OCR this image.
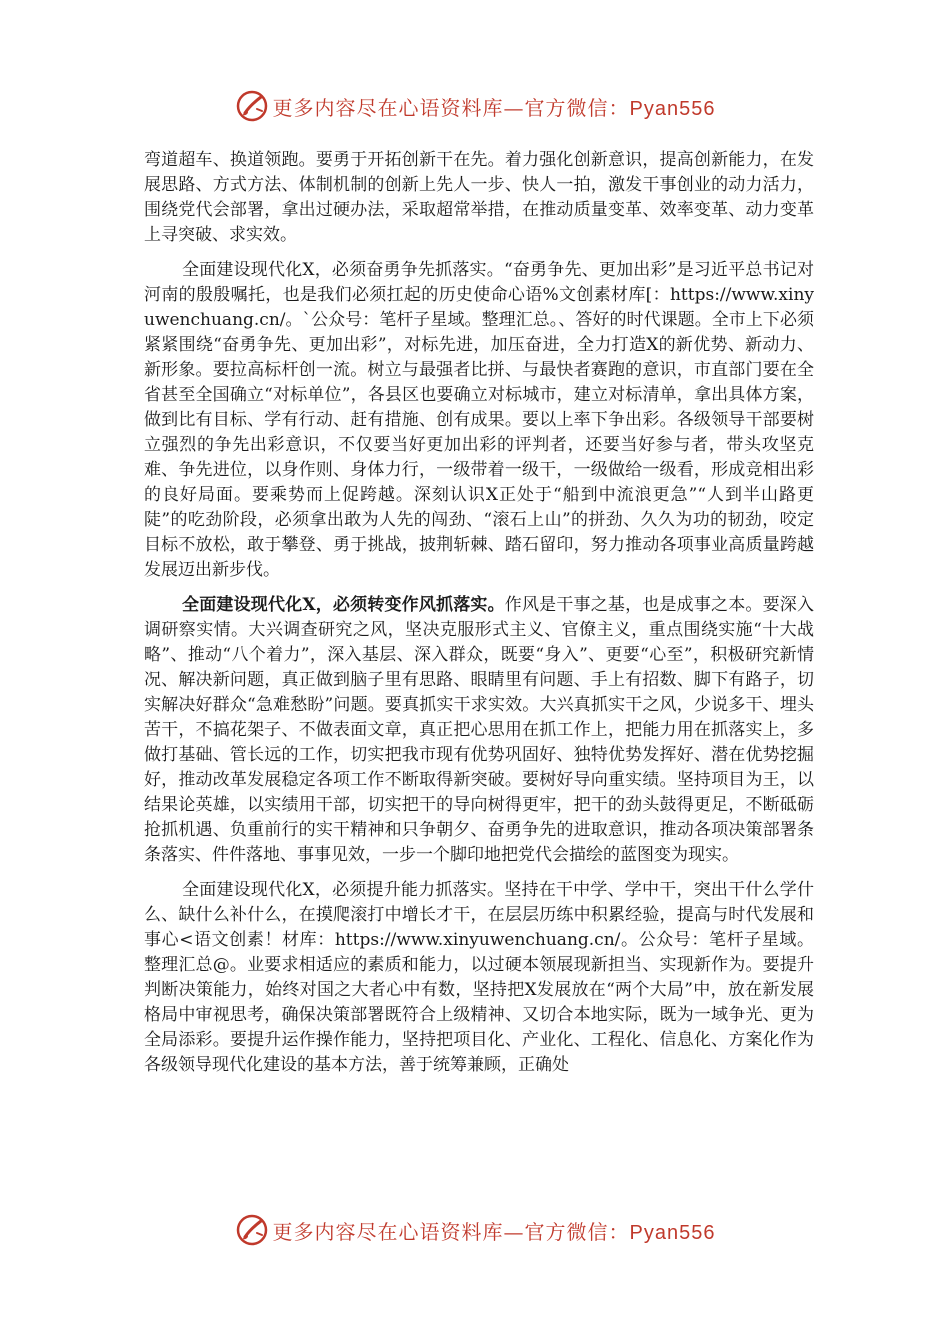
更多内容尽在心语资料库—官方微信：Pyan556

弯道超车、换道领跑。要勇于开拓创新干在先。着力强化创新意识，提高创新能力，在发展思路、方式方法、体制机制的创新上先人一步、快人一拍，激发干事创业的动力活力，围绕党代会部署，拿出过硬办法，采取超常举措，在推动质量变革、效率变革、动力变革上寻突破、求实效。

全面建设现代化X，必须奋勇争先抓落实。“奋勇争先、更加出彩”是习近平总书记对河南的殷殷嘱托，也是我们必须扛起的历史使命心语%文创素材库[：https://www.xinyuwenchuang.cn/。`公众号：笔杆子星域。整理汇总。、答好的时代课题。全市上下必须紧紧围绕“奋勇争先、更加出彩”，对标先进，加压奋进，全力打造X的新优势、新动力、新形象。要拉高标杆创一流。树立与最强者比拼、与最快者赛跑的意识，市直部门要在全省甚至全国确立“对标单位”，各县区也要确立对标城市，建立对标清单，拿出具体方案，做到比有目标、学有行动、赶有措施、创有成果。要以上率下争出彩。各级领导干部要树立强烈的争先出彩意识，不仅要当好更加出彩的评判者，还要当好参与者，带头攻坚克难、争先进位，以身作则、身体力行，一级带着一级干，一级做给一级看，形成竞相出彩的良好局面。要乘势而上促跨越。深刻认识X正处于“船到中流浪更急”“人到半山路更陡”的吃劲阶段，必须拿出敢为人先的闯劲、“滚石上山”的拼劲、久久为功的韧劲，咬定目标不放松，敢于攀登、勇于挑战，披荆斩棘、踏石留印，努力推动各项事业高质量跨越发展迈出新步伐。

全面建设现代化X，必须转变作风抓落实。作风是干事之基，也是成事之本。要深入调研察实情。大兴调查研究之风，坚决克服形式主义、官僚主义，重点围绕实施“十大战略”、推动“八个着力”，深入基层、深入群众，既要“身入”、更要“心至”，积极研究新情况、解决新问题，真正做到脑子里有思路、眼睛里有问题、手上有招数、脚下有路子，切实解决好群众“急难愁盼”问题。要真抓实干求实效。大兴真抓实干之风，少说多干、埋头苦干，不搞花架子、不做表面文章，真正把心思用在抓工作上，把能力用在抓落实上，多做打基础、管长远的工作，切实把我市现有优势巩固好、独特优势发挥好、潜在优势挖掘好，推动改革发展稳定各项工作不断取得新突破。要树好导向重实绩。坚持项目为王，以结果论英雄，以实绩用干部，切实把干的导向树得更牢，把干的劲头鼓得更足，不断砥砺抢抓机遇、负重前行的实干精神和只争朝夕、奋勇争先的进取意识，推动各项决策部署条条落实、件件落地、事事见效，一步一个脚印地把党代会描绘的蓝图变为现实。

全面建设现代化X，必须提升能力抓落实。坚持在干中学、学中干，突出干什么学什么、缺什么补什么，在摸爬滚打中增长才干，在层层历练中积累经验，提高与时代发展和事心<语文创素！材库：https://www.xinyuwenchuang.cn/。公众号：笔杆子星域。整理汇总@。业要求相适应的素质和能力，以过硬本领展现新担当、实现新作为。要提升判断决策能力，始终对国之大者心中有数，坚持把X发展放在“两个大局”中，放在新发展格局中审视思考，确保决策部署既符合上级精神、又切合本地实际，既为一域争光、更为全局添彩。要提升运作操作能力，坚持把项目化、产业化、工程化、信息化、方案化作为各级领导现代化建设的基本方法，善于统筹兼顾，正确处

更多内容尽在心语资料库—官方微信：Pyan556
